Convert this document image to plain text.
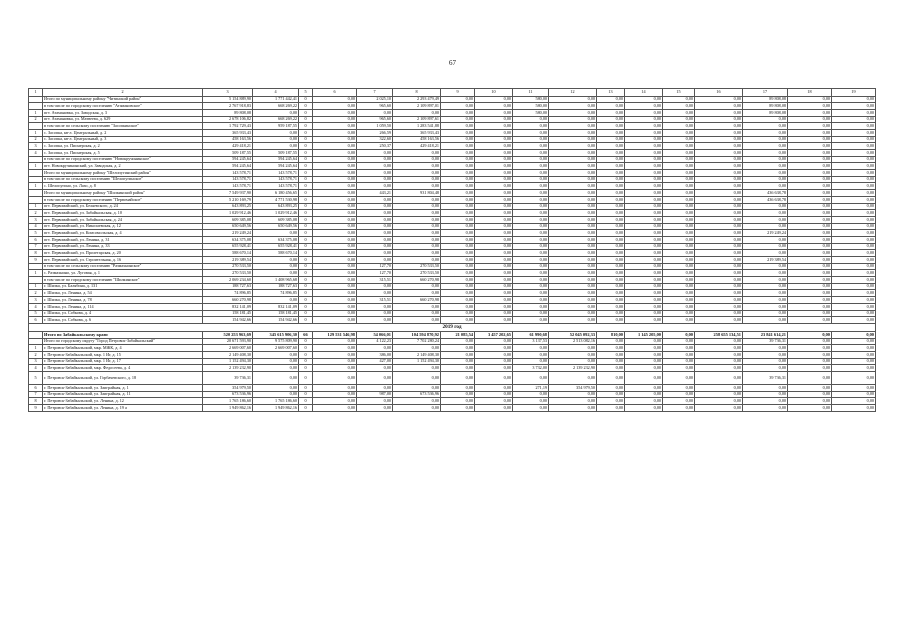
67
1	2	3	4	5	6	7	8	9	10	11	12	13	14	15	16	17	18	19
	Итого по муниципальному району "Читинский район"	5 154 889,90	1 771 442,41	0	0,00	2 025,10	2 293 479,49	0,00	0,00	580,00	0,00	0,00	0,00	0,00	0,00	89 808,08	0,00	0,00
	в том числе по городскому поселению "Атамановское"	2 767 918,83	668 269,22	0	0,00	965,60	2 109 897,01	0,00	0,00	580,00	0,00	0,00	0,00	0,00	0,00	89 808,08	0,00	0,00
1	пгт. Атамановка, ул. Заводская, д. 3	89 808,08	0,00	0	0,00	0,00	0,00	0,00	0,00	580,00	0,00	0,00	0,00	0,00	0,00	89 808,08	0,00	0,00
2	пгт. Атамановка, ул. Матвеева, д. 629	2 678 106,82	668 269,22	0	0,00	965,60	2 109 897,61	0,00	0,00	0,00	0,00	0,00	0,00	0,00	0,00	0,00	0,00	0,00
	в том числе по сельскому поселению "Засопкинское"	1 792 729,43	959 187,55	0	0,00	1 059,50	1 283 541,88	0,00	0,00	0,00	0,00	0,00	0,00	0,00	0,00	0,00	0,00	0,00
1	с. Засопка, кв-л. Центральный, д. 2	365 933,43	0,00	0	0,00	266,59	365 933,43	0,00	0,00	0,00	0,00	0,00	0,00	0,00	0,00	0,00	0,00	0,00
2	с. Засопка, кв-л. Центральный, д. 3	458 163,56	0,00	0	0,00	322,60	458 163,56	0,00	0,00	0,00	0,00	0,00	0,00	0,00	0,00	0,00	0,00	0,00
3	с. Засопка, ул. Пионерская, д. 2	429 418,21	0,00	0	0,00	250,37	429 418,21	0,00	0,00	0,00	0,00	0,00	0,00	0,00	0,00	0,00	0,00	0,00
4	с. Засопка, ул. Пионерская, д. 5	509 187,55	509 187,55	0	0,00	0,00	0,00	0,00	0,00	0,00	0,00	0,00	0,00	0,00	0,00	0,00	0,00	0,00
	в том числе по городскому поселению "Новокручининское"	594 245,64	594 245,64	0	0,00	0,00	0,00	0,00	0,00	0,00	0,00	0,00	0,00	0,00	0,00	0,00	0,00	0,00
1	пгт. Новокручининский, ул. Заводская, д. 2	594 245,64	594 245,64	0	0,00	0,00	0,00	0,00	0,00	0,00	0,00	0,00	0,00	0,00	0,00	0,00	0,00	0,00
	Итого по муниципальному району "Шелопугинский район"	143 578,71	143 578,71	0	0,00	0,00	0,00	0,00	0,00	0,00	0,00	0,00	0,00	0,00	0,00	0,00	0,00	0,00
	в том числе по сельскому поселению "Шелопугинское"	143 578,71	143 578,71	0	0,00	0,00	0,00	0,00	0,00	0,00	0,00	0,00	0,00	0,00	0,00	0,00	0,00	0,00
1	с. Шелопугино, ул. Лазо, д. 8	143 578,71	143 578,71	0	0,00	0,00	0,00	0,00	0,00	0,00	0,00	0,00	0,00	0,00	0,00	0,00	0,00	0,00
	Итого по муниципальному району "Шилкинский район"	7 549 937,90	6 180 456,65	0	0,00	443,21	931 804,48	0,00	0,00	0,00	0,00	0,00	0,00	0,00	0,00	436 638,78	0,00	0,00
	в том числе по городскому поселению "Первомайское"	5 210 169,79	4 771 530,98	0	0,00	0,00	0,00	0,00	0,00	0,00	0,00	0,00	0,00	0,00	0,00	436 638,78	0,00	0,00
1	пгт. Первомайский, ул. Беляевского, д. 24	643 893,25	643 893,25	0	0,00	0,00	0,00	0,00	0,00	0,00	0,00	0,00	0,00	0,00	0,00	0,00	0,00	0,00
2	пгт. Первомайский, ул. Забайкальская, д. 10	1 029 912,46	1 029 912,46	0	0,00	0,00	0,00	0,00	0,00	0,00	0,00	0,00	0,00	0,00	0,00	0,00	0,00	0,00
3	пгт. Первомайский, ул. Забайкальская, д. 24	609 385,08	609 385,08	0	0,00	0,00	0,00	0,00	0,00	0,00	0,00	0,00	0,00	0,00	0,00	0,00	0,00	0,00
4	пгт. Первомайский, ул. Николаевская, д. 12	650 649,56	650 649,56	0	0,00	0,00	0,00	0,00	0,00	0,00	0,00	0,00	0,00	0,00	0,00	0,00	0,00	0,00
5	пгт. Первомайский, ул. Комсомольская, д. 4	219 249,24	0,00	0	0,00	0,00	0,00	0,00	0,00	0,00	0,00	0,00	0,00	0,00	0,00	219 249,24	0,00	0,00
6	пгт. Первомайский, ул. Ленина, д. 31	634 375,08	634 375,08	0	0,00	0,00	0,00	0,00	0,00	0,00	0,00	0,00	0,00	0,00	0,00	0,00	0,00	0,00
7	пгт. Первомайский, ул. Ленина, д. 33	655 928,41	655 928,41	0	0,00	0,00	0,00	0,00	0,00	0,00	0,00	0,00	0,00	0,00	0,00	0,00	0,00	0,00
8	пгт. Первомайский, ул. Пролетарская, д. 20	588 670,14	588 670,14	0	0,00	0,00	0,00	0,00	0,00	0,00	0,00	0,00	0,00	0,00	0,00	0,00	0,00	0,00
9	пгт. Первомайский, ул. Строительная, д. 16	219 389,54	0,00	0	0,00	0,00	0,00	0,00	0,00	0,00	0,00	0,00	0,00	0,00	0,00	219 389,54	0,00	0,00
	в том числе по сельскому поселению "Размахнинское"	270 533,50	0,00	0	0,00	127,70	270 533,50	0,00	0,00	0,00	0,00	0,00	0,00	0,00	0,00	0,00	0,00	0,00
1	с. Размахнино, ул. Луговая, д. 1	270 533,50	0,00	0	0,00	127,70	270 533,50	0,00	0,00	0,00	0,00	0,00	0,00	0,00	0,00	0,00	0,00	0,00
	в том числе по городскому поселению "Шилкинское"	2 069 234,60	1 408 965,68	0	0,00	315,51	660 270,98	0,00	0,00	0,00	0,00	0,00	0,00	0,00	0,00	0,00	0,00	0,00
1	г. Шилка, ул. Балябина, д. 131	188 727,63	188 727,63	0	0,00	0,00	0,00	0,00	0,00	0,00	0,00	0,00	0,00	0,00	0,00	0,00	0,00	0,00
2	г. Шилка, ул. Ленина, д. 54	74 896,85	74 896,85	0	0,00	0,00	0,00	0,00	0,00	0,00	0,00	0,00	0,00	0,00	0,00	0,00	0,00	0,00
3	г. Шилка, ул. Ленина, д. 78	660 270,98	0,00	0	0,00	315,51	660 270,98	0,00	0,00	0,00	0,00	0,00	0,00	0,00	0,00	0,00	0,00	0,00
4	г. Шилка, ул. Ленина, д. 114	832 141,09	832 141,09	0	0,00	0,00	0,00	0,00	0,00	0,00	0,00	0,00	0,00	0,00	0,00	0,00	0,00	0,00
5	г. Шилка, ул. Собкова, д. 4	158 181,45	158 181,45	0	0,00	0,00	0,00	0,00	0,00	0,00	0,00	0,00	0,00	0,00	0,00	0,00	0,00	0,00
6	г. Шилка, ул. Собкова, д. 6	154 942,66	154 942,66	0	0,00	0,00	0,00	0,00	0,00	0,00	0,00	0,00	0,00	0,00	0,00	0,00	0,00	0,00
2019 год																		
	Итого по Забайкальскому краю:	520 253 963,69	345 615 906,30	66	129 531 546,98	54 066,01	104 594 870,92	21 085,54	3 457 202,65	61 990,68	52 045 092,33	810,00	1 145 205,00	0,00	258 655 134,51	23 841 614,21	0,00	0,00
	Итого по городскому округу "Город Петровск-Забайкальский"	20 671 593,90	9 575 809,90	0	0,00	4 122,23	7 702 280,24	0,00	0,00	3 137,53	2 513 082,16	0,00	0,00	0,00	0,00	39 736,31	0,00	0,00
1	г. Петровск-Забайкальский, мкр. МЖК, д. 4	2 669 007,60	2 669 007,60	0	0,00	0,00	0,00	0,00	0,00	0,00	0,00	0,00	0,00	0,00	0,00	0,00	0,00	0,00
2	г. Петровск-Забайкальский, мкр. 1 Иг, д. 15	2 149 408,30	0,00	0	0,00	386,00	2 149 408,30	0,00	0,00	0,00	0,00	0,00	0,00	0,00	0,00	0,00	0,00	0,00
3	г. Петровск-Забайкальский, мкр. 1 Иг, д. 17	1 152 494,30	0,00	0	0,00	427,00	1 152 494,30	0,00	0,00	0,00	0,00	0,00	0,00	0,00	0,00	0,00	0,00	0,00
4	г. Петровск-Забайкальский, мкр. Федосеева, д. 4	2 139 232,90	0,00	0	0,00	0,00	0,00	0,00	0,00	3 732,00	2 139 232,90	0,00	0,00	0,00	0,00	0,00	0,00	0,00
5	г. Петровск-Забайкальский, ул. Горбачевского, д. 18	39 736,31	0,00	0	0,00	0,00	0,00	0,00	0,00	0,00	0,00	0,00	0,00	0,00	0,00	39 736,31	0,00	0,00
6	г. Петровск-Забайкальский, ул. Заиграйная, д. 1	354 979,50	0,00	0	0,00	0,00	0,00	0,00	0,00	271,19	354 979,50	0,00	0,00	0,00	0,00	0,00	0,00	0,00
7	г. Петровск-Забайкальский, ул. Заиграйная, д. 11	673 536,96	0,00	0	0,00	987,00	673 536,96	0,00	0,00	0,00	0,00	0,00	0,00	0,00	0,00	0,00	0,00	0,00
8	г. Петровск-Забайкальский, ул. Ленина, д. 12	1 765 186,60	1 765 186,60	0	0,00	0,00	0,00	0,00	0,00	0,00	0,00	0,00	0,00	0,00	0,00	0,00	0,00	0,00
9	г. Петровск-Забайкальский, ул. Ленина, д. 19 а	1 949 862,16	1 949 862,16	0	0,00	0,00	0,00	0,00	0,00	0,00	0,00	0,00	0,00	0,00	0,00	0,00	0,00	0,00
